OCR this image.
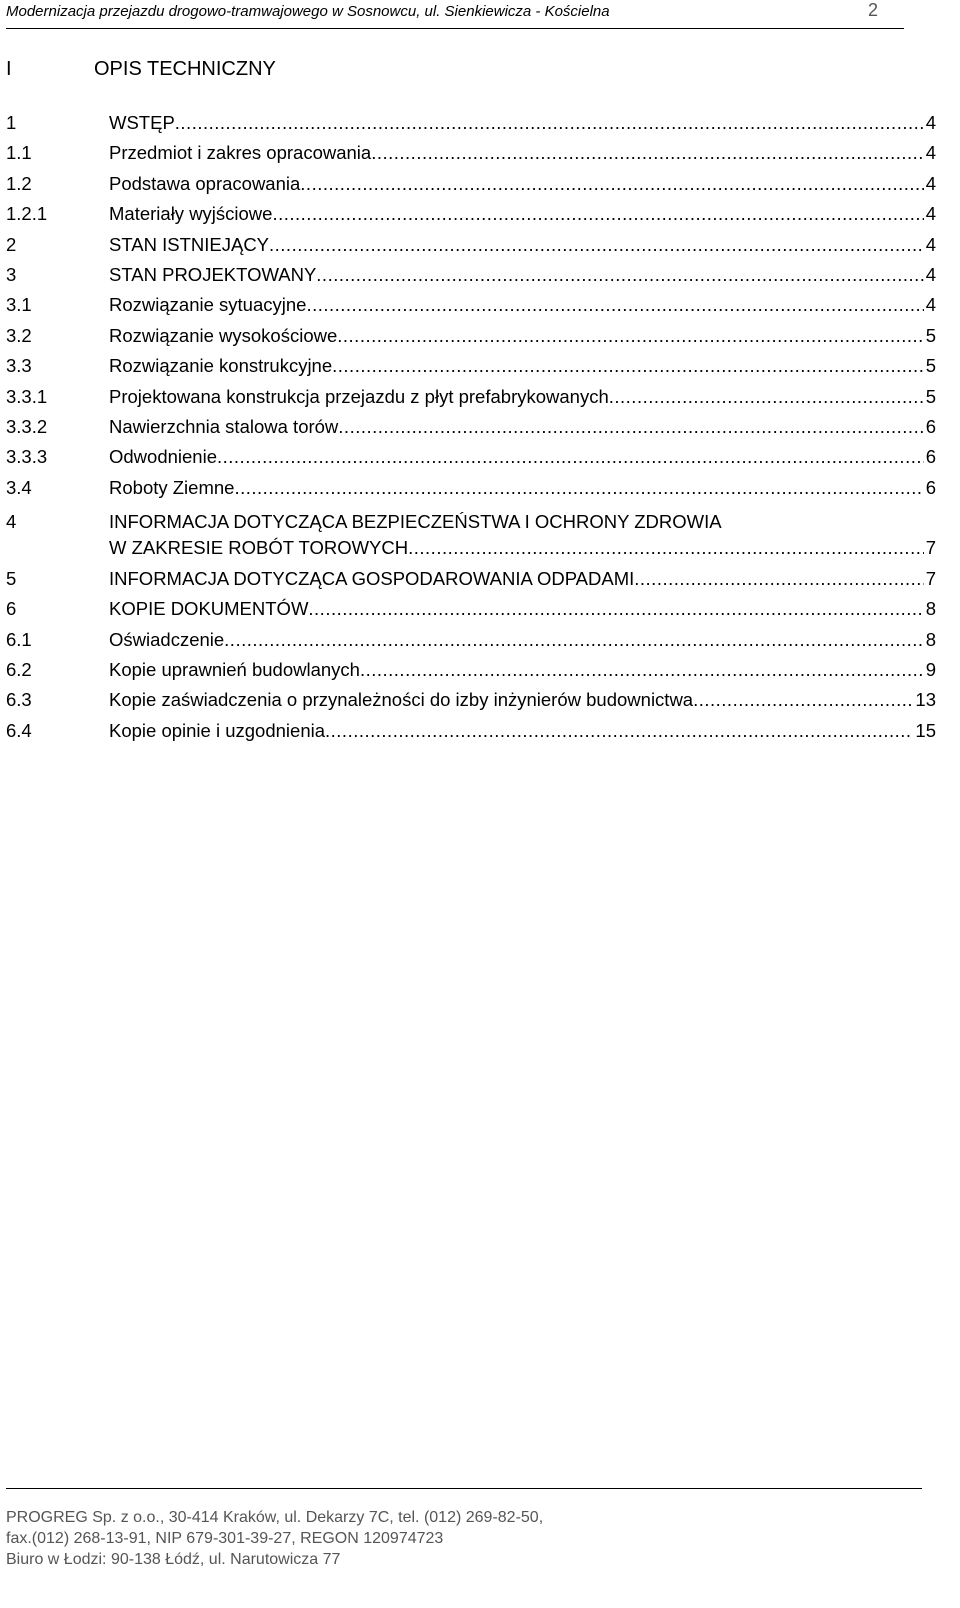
Modernizacja przejazdu drogowo-tramwajowego w Sosnowcu, ul. Sienkiewicza - Kościelna	2
I	OPIS TECHNICZNY
1	WSTĘP .....	4
1.1	Przedmiot i zakres opracowania .....	4
1.2	Podstawa opracowania .....	4
1.2.1	Materiały wyjściowe .....	4
2	STAN ISTNIEJĄCY .....	4
3	STAN PROJEKTOWANY .....	4
3.1	Rozwiązanie sytuacyjne .....	4
3.2	Rozwiązanie wysokościowe .....	5
3.3	Rozwiązanie konstrukcyjne .....	5
3.3.1	Projektowana konstrukcja przejazdu z płyt prefabrykowanych .....	5
3.3.2	Nawierzchnia stalowa torów .....	6
3.3.3	Odwodnienie .....	6
3.4	Roboty Ziemne .....	6
4	INFORMACJA DOTYCZĄCA BEZPIECZEŃSTWA I OCHRONY ZDROWIA
W ZAKRESIE ROBÓT TOROWYCH .....	7
5	INFORMACJA DOTYCZĄCA GOSPODAROWANIA ODPADAMI .....	7
6	KOPIE DOKUMENTÓW .....	8
6.1	Oświadczenie .....	8
6.2	Kopie uprawnień budowlanych .....	9
6.3	Kopie zaświadczenia o przynależności do izby inżynierów budownictwa .....	13
6.4	Kopie opinie i uzgodnienia .....	15
PROGREG Sp. z o.o., 30-414 Kraków, ul. Dekarzy 7C, tel. (012) 269-82-50,
fax.(012) 268-13-91, NIP 679-301-39-27, REGON 120974723
Biuro w Łodzi: 90-138 Łódź, ul. Narutowicza 77
